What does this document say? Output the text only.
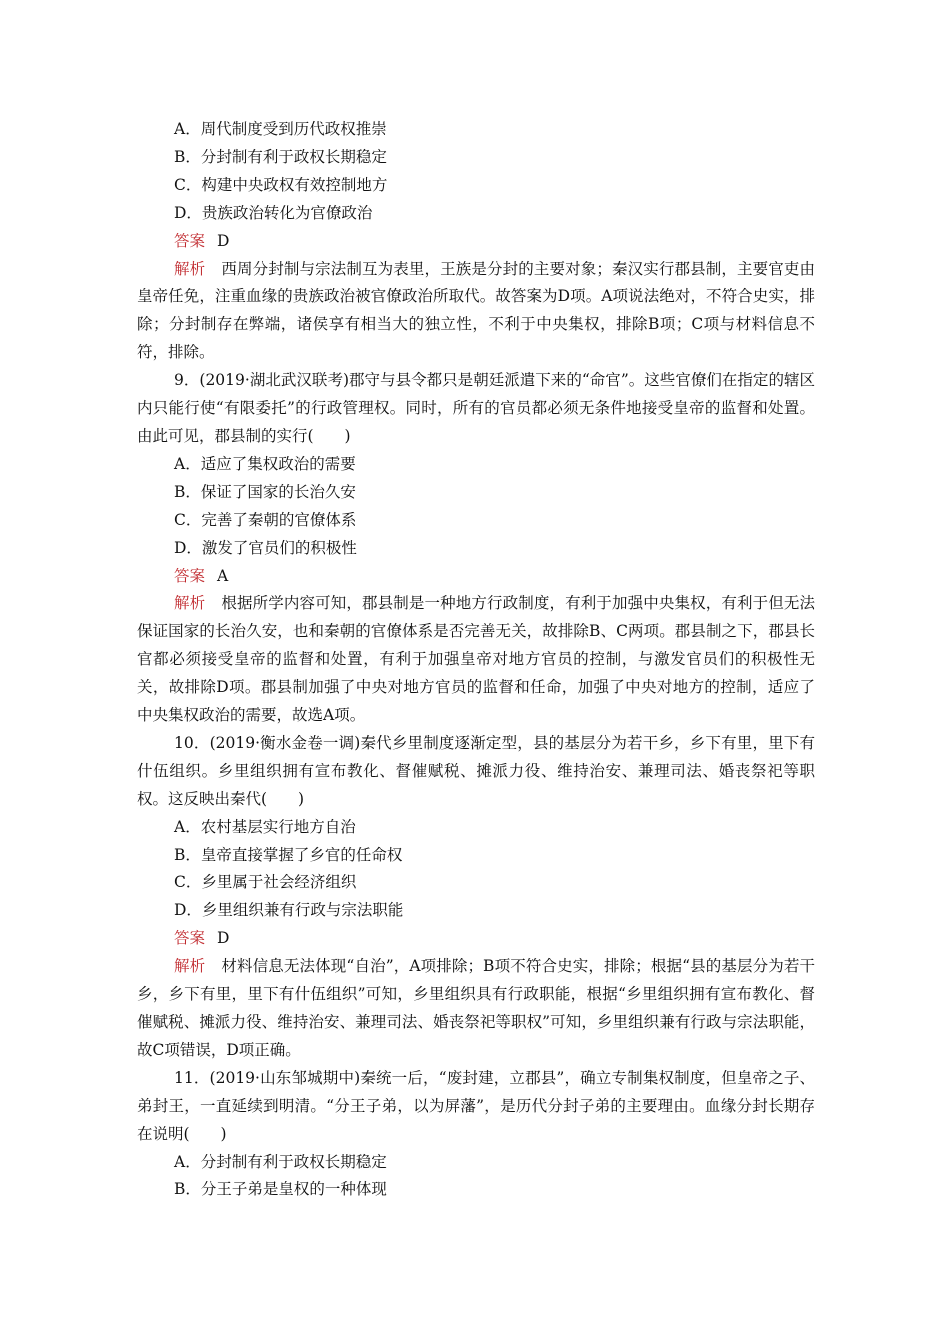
A．周代制度受到历代政权推崇
B．分封制有利于政权长期稳定
C．构建中央政权有效控制地方
D．贵族政治转化为官僚政治
答案 D
解析 西周分封制与宗法制互为表里，王族是分封的主要对象；秦汉实行郡县制，主要官吏由皇帝任免，注重血缘的贵族政治被官僚政治所取代。故答案为D项。A项说法绝对，不符合史实，排除；分封制存在弊端，诸侯享有相当大的独立性，不利于中央集权，排除B项；C项与材料信息不符，排除。
9．(2019·湖北武汉联考)郡守与县令都只是朝廷派遣下来的“命官”。这些官僚们在指定的辖区内只能行使“有限委托”的行政管理权。同时，所有的官员都必须无条件地接受皇帝的监督和处置。由此可见，郡县制的实行(　　)
A．适应了集权政治的需要
B．保证了国家的长治久安
C．完善了秦朝的官僚体系
D．激发了官员们的积极性
答案 A
解析 根据所学内容可知，郡县制是一种地方行政制度，有利于加强中央集权，有利于但无法保证国家的长治久安，也和秦朝的官僚体系是否完善无关，故排除B、C两项。郡县制之下，郡县长官都必须接受皇帝的监督和处置，有利于加强皇帝对地方官员的控制，与激发官员们的积极性无关，故排除D项。郡县制加强了中央对地方官员的监督和任命，加强了中央对地方的控制，适应了中央集权政治的需要，故选A项。
10．(2019·衡水金卷一调)秦代乡里制度逐渐定型，县的基层分为若干乡，乡下有里，里下有什伍组织。乡里组织拥有宣布教化、督催赋税、摊派力役、维持治安、兼理司法、婚丧祭祀等职权。这反映出秦代(　　)
A．农村基层实行地方自治
B．皇帝直接掌握了乡官的任命权
C．乡里属于社会经济组织
D．乡里组织兼有行政与宗法职能
答案 D
解析 材料信息无法体现“自治”，A项排除；B项不符合史实，排除；根据“县的基层分为若干乡，乡下有里，里下有什伍组织”可知，乡里组织具有行政职能，根据“乡里组织拥有宣布教化、督催赋税、摊派力役、维持治安、兼理司法、婚丧祭祀等职权”可知，乡里组织兼有行政与宗法职能，故C项错误，D项正确。
11．(2019·山东邹城期中)秦统一后，“废封建，立郡县”，确立专制集权制度，但皇帝之子、弟封王，一直延续到明清。“分王子弟，以为屏藩”，是历代分封子弟的主要理由。血缘分封长期存在说明(　　)
A．分封制有利于政权长期稳定
B．分王子弟是皇权的一种体现
